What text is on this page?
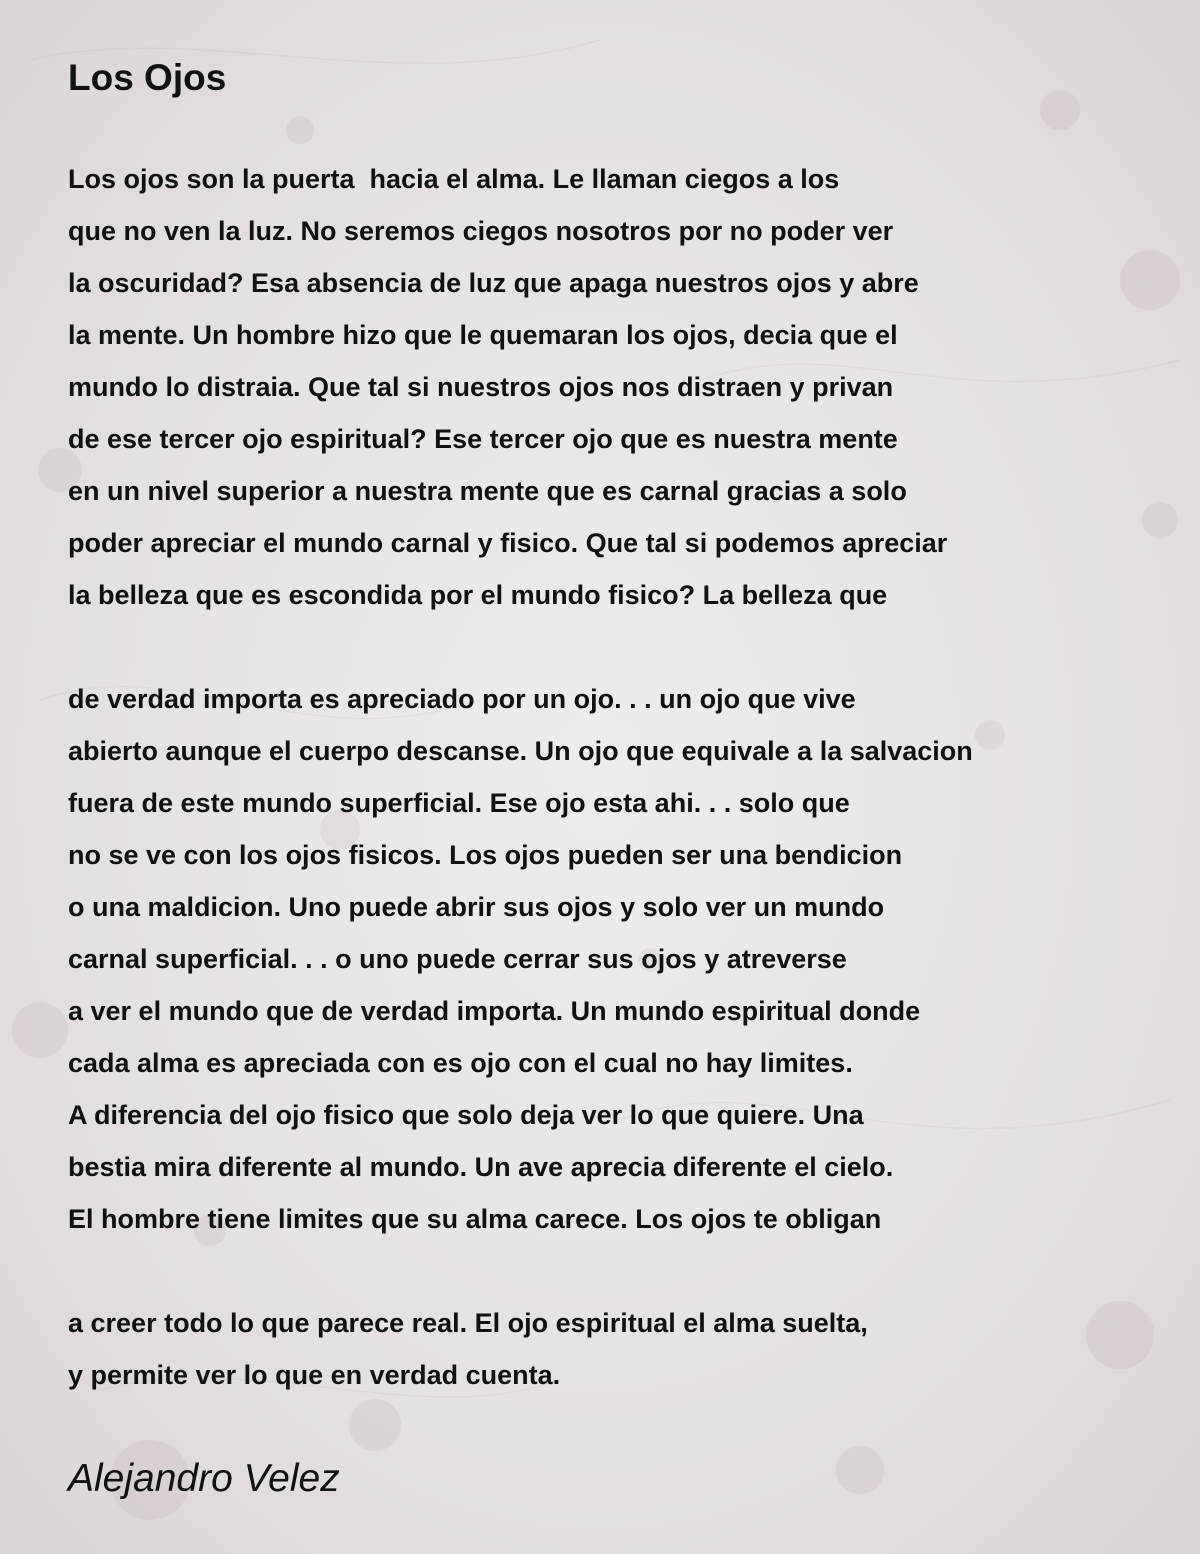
Los Ojos
Los ojos son la puerta  hacia el alma. Le llaman ciegos a los
que no ven la luz. No seremos ciegos nosotros por no poder ver
la oscuridad? Esa absencia de luz que apaga nuestros ojos y abre
la mente. Un hombre hizo que le quemaran los ojos, decia que el
mundo lo distraia. Que tal si nuestros ojos nos distraen y privan
de ese tercer ojo espiritual? Ese tercer ojo que es nuestra mente
en un nivel superior a nuestra mente que es carnal gracias a solo
poder apreciar el mundo carnal y fisico. Que tal si podemos apreciar
la belleza que es escondida por el mundo fisico? La belleza que
de verdad importa es apreciado por un ojo. . . un ojo que vive
abierto aunque el cuerpo descanse. Un ojo que equivale a la salvacion
fuera de este mundo superficial. Ese ojo esta ahi. . . solo que
no se ve con los ojos fisicos. Los ojos pueden ser una bendicion
o una maldicion. Uno puede abrir sus ojos y solo ver un mundo
carnal superficial. . . o uno puede cerrar sus ojos y atreverse
a ver el mundo que de verdad importa. Un mundo espiritual donde
cada alma es apreciada con es ojo con el cual no hay limites.
A diferencia del ojo fisico que solo deja ver lo que quiere. Una
bestia mira diferente al mundo. Un ave aprecia diferente el cielo.
El hombre tiene limites que su alma carece. Los ojos te obligan
a creer todo lo que parece real. El ojo espiritual el alma suelta,
y permite ver lo que en verdad cuenta.

Alejandro Velez
